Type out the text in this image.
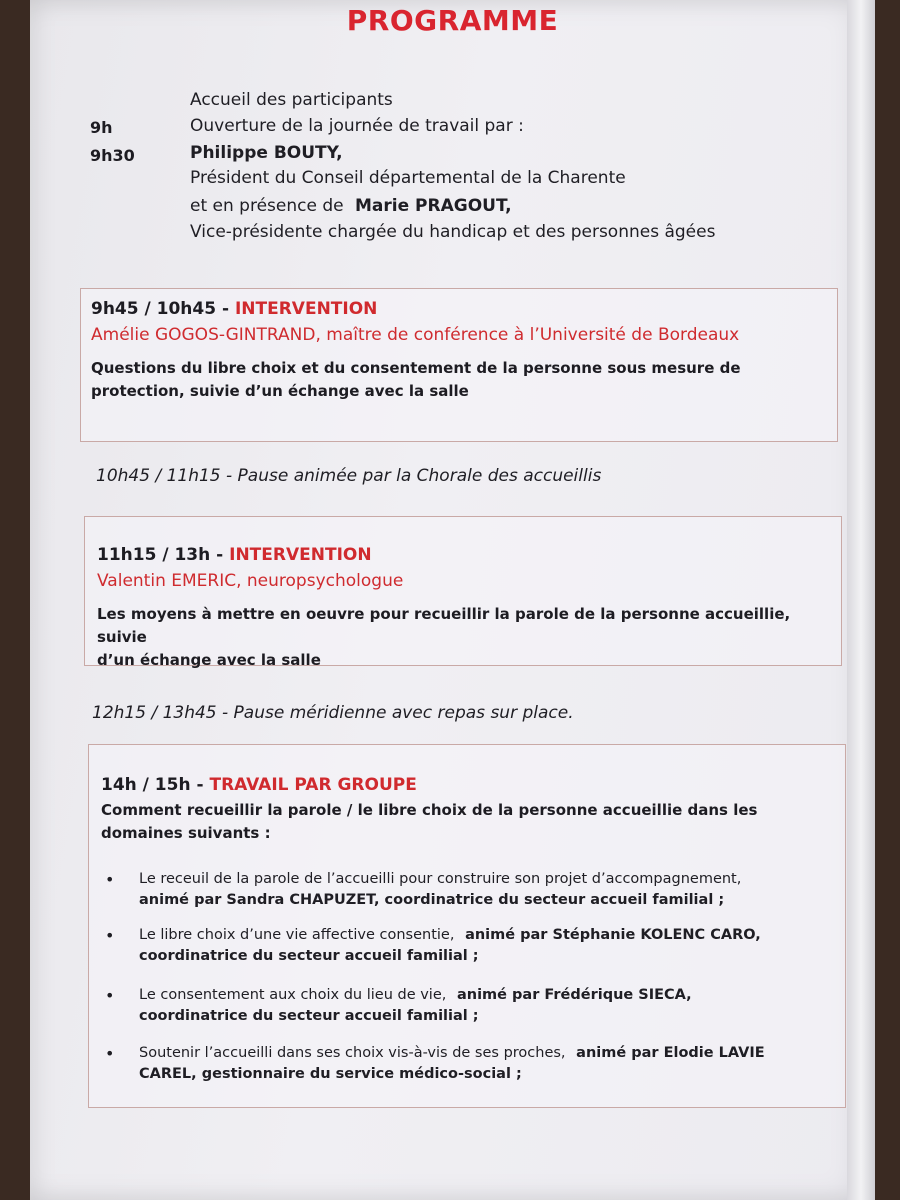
PROGRAMME
9h
9h30
Accueil des participants
Ouverture de la journée de travail par :
Philippe BOUTY,
Président du Conseil départemental de la Charente
et en présence de Marie PRAGOUT,
Vice-présidente chargée du handicap et des personnes âgées
9h45 / 10h45 - INTERVENTION
Amélie GOGOS-GINTRAND, maître de conférence à l’Université de Bordeaux
Questions du libre choix et du consentement de la personne sous mesure de
protection, suivie d’un échange avec la salle
10h45 / 11h15 - Pause animée par la Chorale des accueillis
11h15 / 13h - INTERVENTION
Valentin EMERIC, neuropsychologue
Les moyens à mettre en oeuvre pour recueillir la parole de la personne accueillie, suivie
d’un échange avec la salle
12h15 / 13h45 - Pause méridienne avec repas sur place.
14h / 15h - TRAVAIL PAR GROUPE
Comment recueillir la parole / le libre choix de la personne accueillie dans les
domaines suivants :
• Le receuil de la parole de l’accueilli pour construire son projet d’accompagnement,
animé par Sandra CHAPUZET, coordinatrice du secteur accueil familial ;
• Le libre choix d’une vie affective consentie, animé par Stéphanie KOLENC CARO,
coordinatrice du secteur accueil familial ;
• Le consentement aux choix du lieu de vie, animé par Frédérique SIECA,
coordinatrice du secteur accueil familial ;
• Soutenir l’accueilli dans ses choix vis-à-vis de ses proches, animé par Elodie LAVIE
CAREL, gestionnaire du service médico-social ;
